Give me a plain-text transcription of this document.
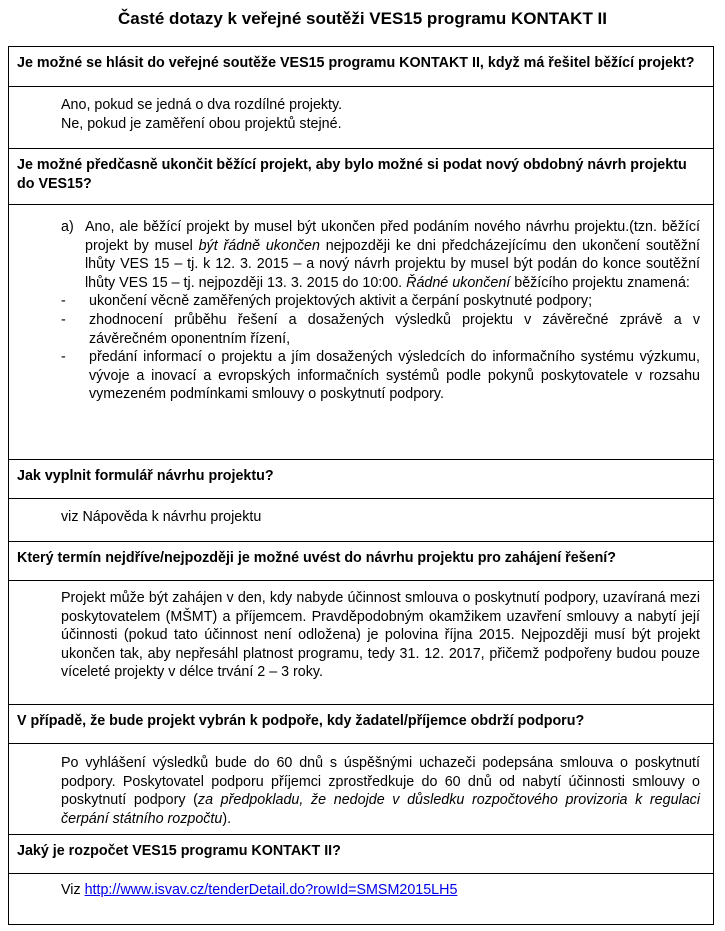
Časté dotazy k veřejné soutěži VES15 programu KONTAKT II
Je možné se hlásit do veřejné soutěže VES15 programu KONTAKT II, když má řešitel běžící projekt?

Ano, pokud se jedná o dva rozdílné projekty.

Ne, pokud je zaměření obou projektů stejné.

Je možné předčasně ukončit běžící projekt, aby bylo možné si podat nový obdobný návrh projektu do VES15?
a) Ano, ale běžící projekt by musel být ukončen před podáním nového návrhu projektu.(tzn. běžící projekt by musel být řádně ukončen nejpozději ke dni předcházejícímu den ukončení soutěžní lhůty VES 15 – tj. k 12. 3. 2015 – a nový návrh projektu by musel být podán do konce soutěžní lhůty VES 15 – tj. nejpozději 13. 3. 2015 do 10:00. Řádné ukončení běžícího projektu znamená:
- ukončení věcně zaměřených projektových aktivit a čerpání poskytnuté podpory;
- zhodnocení průběhu řešení a dosažených výsledků projektu v závěrečné zprávě a v závěrečném oponentním řízení,
- předání informací o projektu a jím dosažených výsledcích do informačního systému výzkumu, vývoje a inovací a evropských informačních systémů podle pokynů poskytovatele v rozsahu vymezeném podmínkami smlouvy o poskytnutí podpory.
Jak vyplnit formulář návrhu projektu?

viz Nápověda k návrhu projektu

Který termín nejdříve/nejpozději je možné uvést do návrhu projektu pro zahájení řešení?

Projekt může být zahájen v den, kdy nabyde účinnost smlouva o poskytnutí podpory, uzavíraná mezi poskytovatelem (MŠMT) a příjemcem. Pravděpodobným okamžikem uzavření smlouvy a nabytí její účinnosti (pokud tato účinnost není odložena) je polovina října 2015. Nejpozději musí být projekt ukončen tak, aby nepřesáhl platnost programu, tedy 31. 12. 2017, přičemž podpořeny budou pouze víceleté projekty v délce trvání 2 – 3 roky.

V případě, že bude projekt vybrán k podpoře, kdy žadatel/příjemce obdrží podporu?

Po vyhlášení výsledků bude do 60 dnů s úspěšnými uchazeči podepsána smlouva o poskytnutí podpory. Poskytovatel podporu příjemci zprostředkuje do 60 dnů od nabytí účinnosti smlouvy o poskytnutí podpory (za předpokladu, že nedojde v důsledku rozpočtového provizoria k regulaci čerpání státního rozpočtu).

Jaký je rozpočet VES15 programu KONTAKT II?

Viz http://www.isvav.cz/tenderDetail.do?rowId=SMSM2015LH5
